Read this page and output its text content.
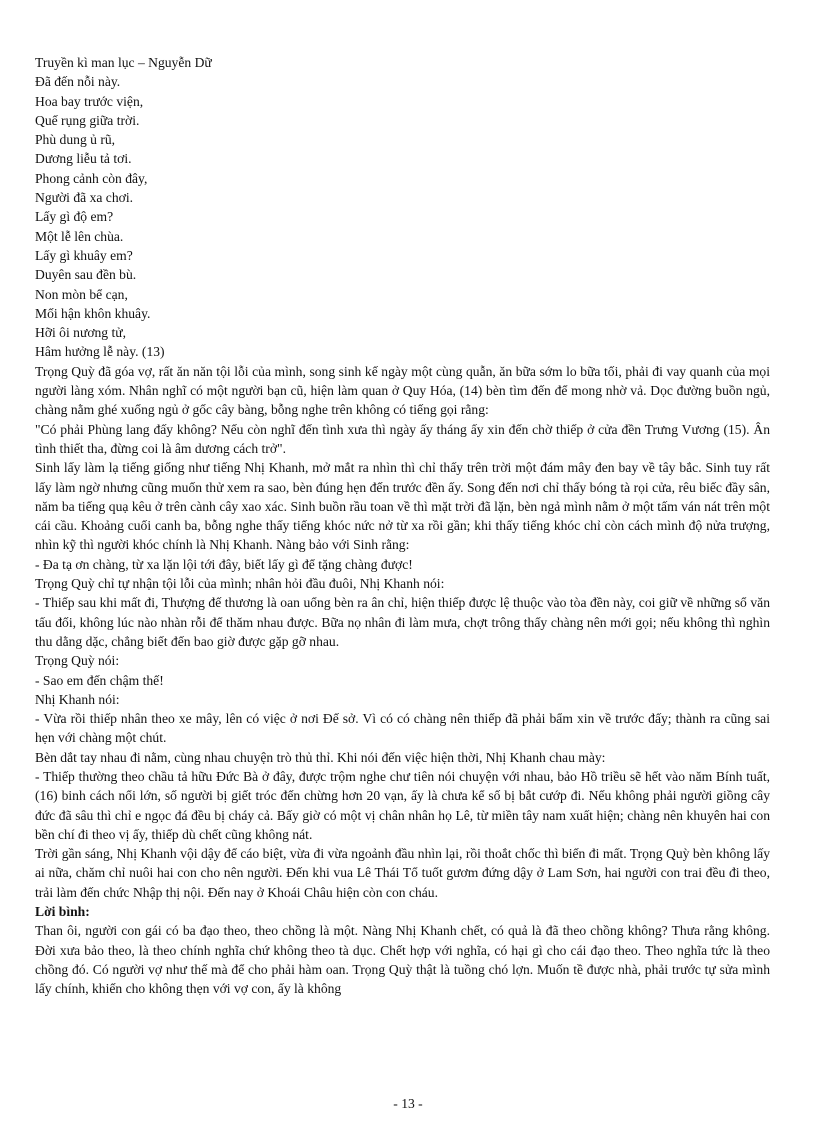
Truyền kì man lục – Nguyễn Dữ
Đã đến nỗi này.
Hoa bay trước viện,
Quế rụng giữa trời.
Phù dung ủ rũ,
Dương liễu tả tơi.
Phong cảnh còn đây,
Người đã xa chơi.
Lấy gì độ em?
Một lễ lên chùa.
Lấy gì khuây em?
Duyên sau đền bù.
Non mòn bể cạn,
Mối hận khôn khuây.
Hỡi ôi nương tử,
Hâm hưởng lễ này. (13)

Trọng Quỳ đã góa vợ, rất ăn năn tội lỗi của mình, song sinh kế ngày một cùng quẫn, ăn bữa sớm lo bữa tối, phải đi vay quanh của mọi người làng xóm. Nhân nghĩ có một người bạn cũ, hiện làm quan ở Quy Hóa, (14) bèn tìm đến để mong nhờ vả. Dọc đường buồn ngủ, chàng nằm ghé xuống ngủ ở gốc cây bàng, bỗng nghe trên không có tiếng gọi rằng:

"Có phải Phùng lang đấy không? Nếu còn nghĩ đến tình xưa thì ngày ấy tháng ấy xin đến chờ thiếp ở cửa đền Trưng Vương (15). Ân tình thiết tha, đừng coi là âm dương cách trở".

Sinh lấy làm lạ tiếng giống như tiếng Nhị Khanh, mở mắt ra nhìn thì chỉ thấy trên trời một đám mây đen bay về tây bắc. Sinh tuy rất lấy làm ngờ nhưng cũng muốn thử xem ra sao, bèn đúng hẹn đến trước đền ấy. Song đến nơi chỉ thấy bóng tà rọi cửa, rêu biếc đầy sân, năm ba tiếng quạ kêu ở trên cành cây xao xác. Sinh buồn rầu toan về thì mặt trời đã lặn, bèn ngả mình nằm ở một tấm ván nát trên một cái cầu. Khoảng cuối canh ba, bỗng nghe thấy tiếng khóc nức nở từ xa rồi gần; khi thấy tiếng khóc chỉ còn cách mình độ nửa trượng, nhìn kỹ thì người khóc chính là Nhị Khanh. Nàng bảo với Sinh rằng:

- Đa tạ ơn chàng, từ xa lặn lội tới đây, biết lấy gì để tặng chàng được!

Trọng Quỳ chỉ tự nhận tội lỗi của mình; nhân hỏi đầu đuôi, Nhị Khanh nói:

- Thiếp sau khi mất đi, Thượng đế thương là oan uổng bèn ra ân chỉ, hiện thiếp được lệ thuộc vào tòa đền này, coi giữ về những sổ văn tấu đối, không lúc nào nhàn rỗi để thăm nhau được. Bữa nọ nhân đi làm mưa, chợt trông thấy chàng nên mới gọi; nếu không thì nghìn thu dằng dặc, chẳng biết đến bao giờ được gặp gỡ nhau.

Trọng Quỳ nói:

- Sao em đến chậm thế!

Nhị Khanh nói:

- Vừa rồi thiếp nhân theo xe mây, lên có việc ở nơi Đế sở. Vì có có chàng nên thiếp đã phải bẩm xin về trước đấy; thành ra cũng sai hẹn với chàng một chút.

Bèn dắt tay nhau đi nằm, cùng nhau chuyện trò thủ thỉ. Khi nói đến việc hiện thời, Nhị Khanh chau mày:

- Thiếp thường theo chầu tả hữu Đức Bà ở đây, được trộm nghe chư tiên nói chuyện với nhau, bảo Hồ triều sẽ hết vào năm Bính tuất, (16) binh cách nổi lớn, số người bị giết tróc đến chừng hơn 20 vạn, ấy là chưa kể số bị bắt cướp đi. Nếu không phải người giồng cây đức đã sâu thì chỉ e ngọc đá đều bị cháy cả. Bấy giờ có một vị chân nhân họ Lê, từ miền tây nam xuất hiện; chàng nên khuyên hai con bền chí đi theo vị ấy, thiếp dù chết cũng không nát.

Trời gần sáng, Nhị Khanh vội dậy để cáo biệt, vừa đi vừa ngoảnh đầu nhìn lại, rồi thoắt chốc thì biến đi mất. Trọng Quỳ bèn không lấy ai nữa, chăm chỉ nuôi hai con cho nên người. Đến khi vua Lê Thái Tổ tuốt gươm đứng dậy ở Lam Sơn, hai người con trai đều đi theo, trải làm đến chức Nhập thị nội. Đến nay ở Khoái Châu hiện còn con cháu.

Lời bình:

Than ôi, người con gái có ba đạo theo, theo chồng là một. Nàng Nhị Khanh chết, có quả là đã theo chồng không? Thưa rằng không. Đời xưa bảo theo, là theo chính nghĩa chứ không theo tà dục. Chết hợp với nghĩa, có hại gì cho cái đạo theo. Theo nghĩa tức là theo chồng đó. Có người vợ như thế mà để cho phải hàm oan. Trọng Quỳ thật là tuồng chó lợn. Muốn tề được nhà, phải trước tự sửa mình lấy chính, khiến cho không thẹn với vợ con, ấy là không

- 13 -
